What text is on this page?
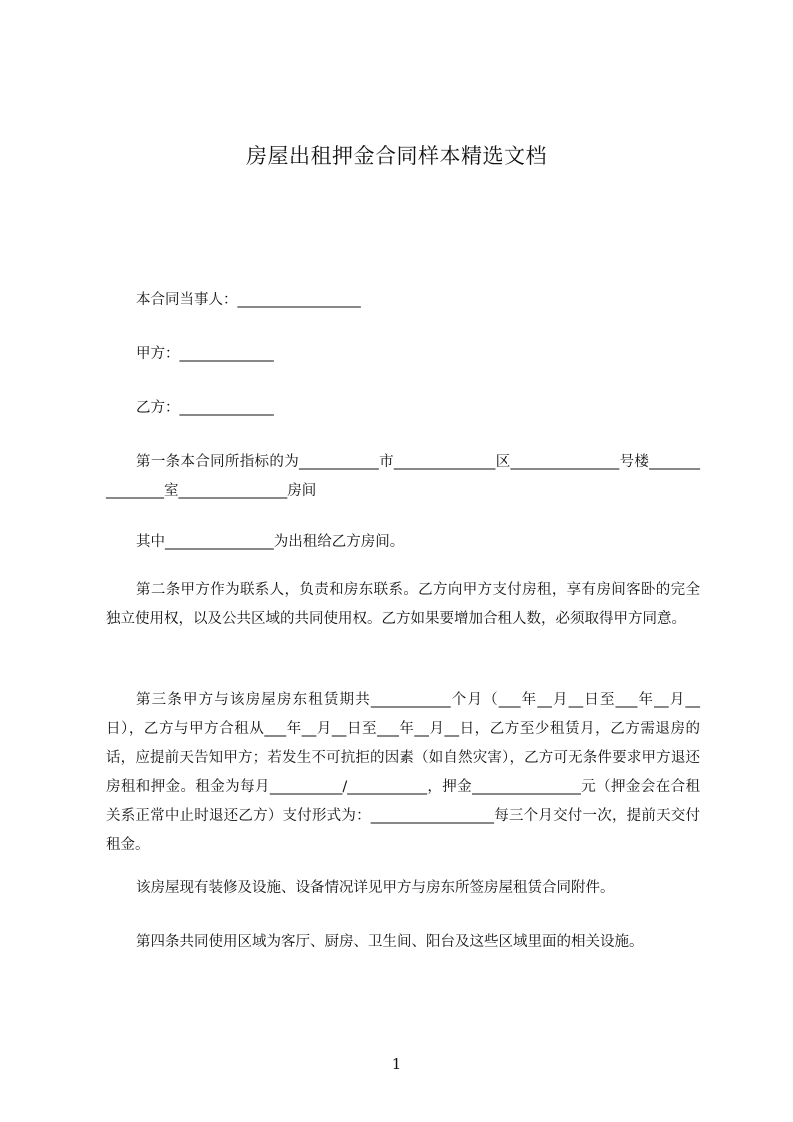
房屋出租押金合同样本精选文档
本合同当事人：_________________
甲方：_____________
乙方：_____________
第一条本合同所指标的为___________市______________区_______________号楼_______________室_______________房间
其中_______________为出租给乙方房间。
第二条甲方作为联系人，负责和房东联系。乙方向甲方支付房租，享有房间客卧的完全独立使用权，以及公共区域的共同使用权。乙方如果要增加合租人数，必须取得甲方同意。
第三条甲方与该房屋房东租赁期共___________个月（___年__月__日至___年__月__日），乙方与甲方合租从___年__月__日至___年__月__日，乙方至少租赁月，乙方需退房的话，应提前天告知甲方；若发生不可抗拒的因素（如自然灾害），乙方可无条件要求甲方退还房租和押金。租金为每月__________/___________，押金_______________元（押金会在合租关系正常中止时退还乙方）支付形式为：_________________每三个月交付一次，提前天交付租金。
该房屋现有装修及设施、设备情况详见甲方与房东所签房屋租赁合同附件。
第四条共同使用区域为客厅、厨房、卫生间、阳台及这些区域里面的相关设施。
1
